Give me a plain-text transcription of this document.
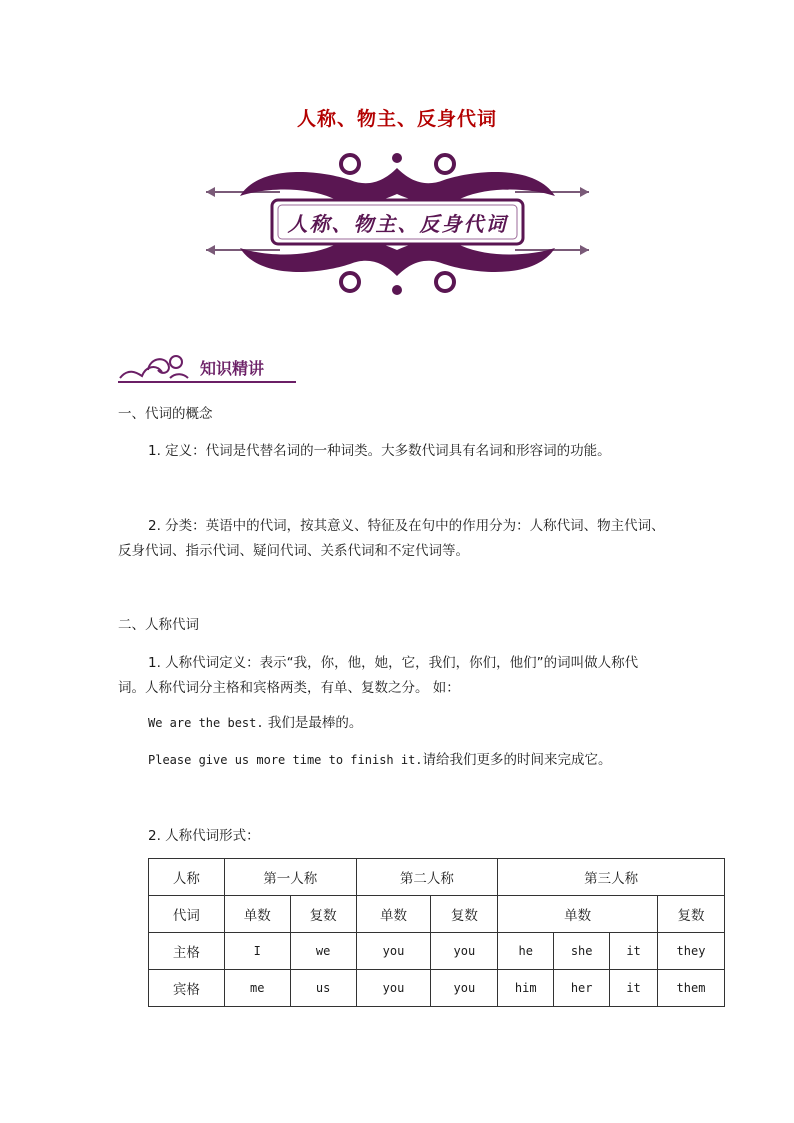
人称、物主、反身代词
人称、物主、反身代词
知识精讲
一、代词的概念
1. 定义：代词是代替名词的一种词类。大多数代词具有名词和形容词的功能。
2. 分类：英语中的代词，按其意义、特征及在句中的作用分为：人称代词、物主代词、
反身代词、指示代词、疑问代词、关系代词和不定代词等。
二、人称代词
1. 人称代词定义：表示“我，你，他，她，它，我们，你们，他们”的词叫做人称代
词。人称代词分主格和宾格两类，有单、复数之分。 如：
We are the best. 我们是最棒的。
Please give us more time to finish it.请给我们更多的时间来完成它。
2. 人称代词形式：
人称	第一人称		第二人称		第三人称			
代词	单数	复数	单数	复数	单数			复数
主格	I	we	you	you	he	she	it	they
宾格	me	us	you	you	him	her	it	them
